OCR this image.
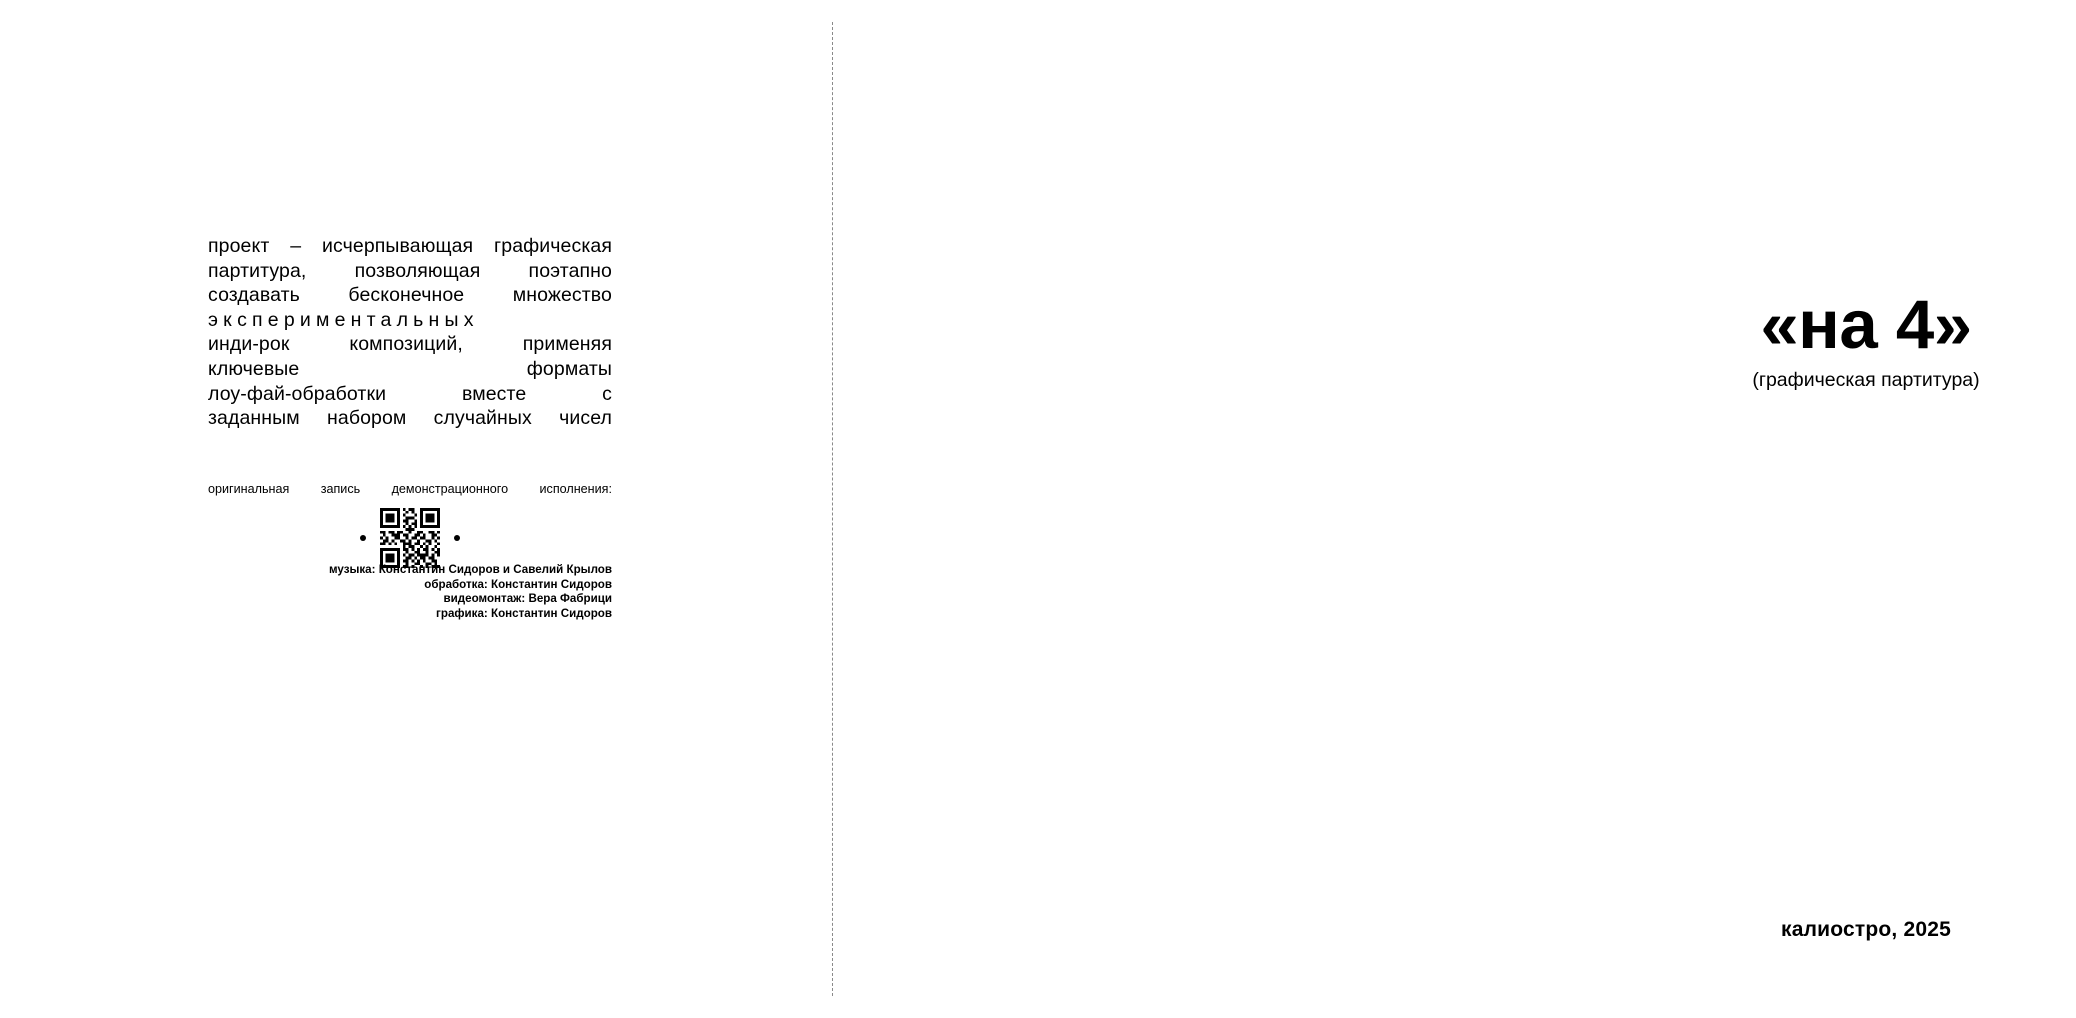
проект – исчерпывающая графическая
партитура, позволяющая поэтапно
создавать бесконечное множество
экспериментальных
инди-рок композиций, применяя
ключевые форматы
лоу-фай-обработки вместе с
заданным набором случайных чисел
оригинальная запись демонстрационного исполнения:
музыка: Константин Сидоров и Савелий Крылов
обработка: Константин Сидоров
видеомонтаж: Вера Фабрици
графика: Константин Сидоров
«на 4»
(графическая партитура)
калиостро, 2025
